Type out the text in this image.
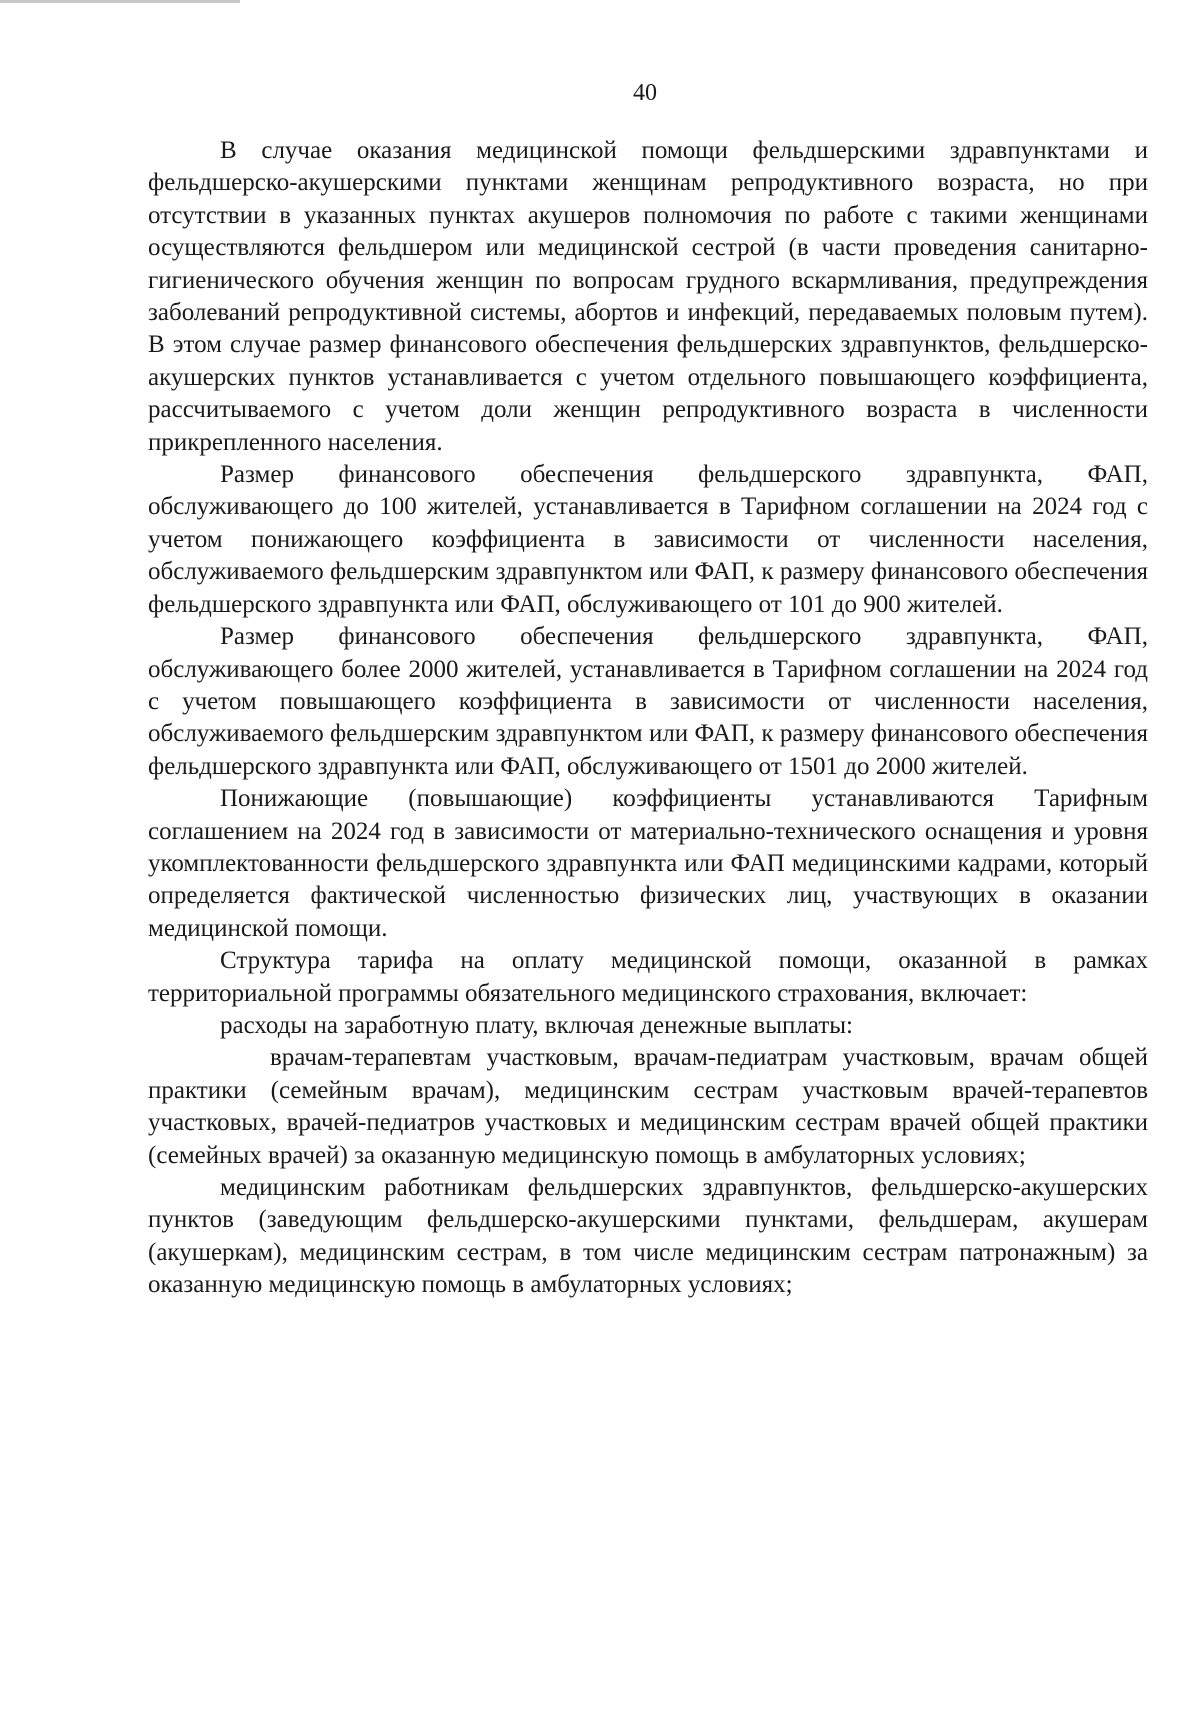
40

В случае оказания медицинской помощи фельдшерскими здравпунктами и фельдшерско-акушерскими пунктами женщинам репродуктивного возраста, но при отсутствии в указанных пунктах акушеров полномочия по работе с такими женщинами осуществляются фельдшером или медицинской сестрой (в части проведения санитарно-гигиенического обучения женщин по вопросам грудного вскармливания, предупреждения заболеваний репродуктивной системы, абортов и инфекций, передаваемых половым путем). В этом случае размер финансового обеспечения фельдшерских здравпунктов, фельдшерско-акушерских пунктов устанавливается с учетом отдельного повышающего коэффициента, рассчитываемого с учетом доли женщин репродуктивного возраста в численности прикрепленного населения.

Размер финансового обеспечения фельдшерского здравпункта, ФАП, обслуживающего до 100 жителей, устанавливается в Тарифном соглашении на 2024 год с учетом понижающего коэффициента в зависимости от численности населения, обслуживаемого фельдшерским здравпунктом или ФАП, к размеру финансового обеспечения фельдшерского здравпункта или ФАП, обслуживающего от 101 до 900 жителей.

Размер финансового обеспечения фельдшерского здравпункта, ФАП, обслуживающего более 2000 жителей, устанавливается в Тарифном соглашении на 2024 год с учетом повышающего коэффициента в зависимости от численности населения, обслуживаемого фельдшерским здравпунктом или ФАП, к размеру финансового обеспечения фельдшерского здравпункта или ФАП, обслуживающего от 1501 до 2000 жителей.

Понижающие (повышающие) коэффициенты устанавливаются Тарифным соглашением на 2024 год в зависимости от материально-технического оснащения и уровня укомплектованности фельдшерского здравпункта или ФАП медицинскими кадрами, который определяется фактической численностью физических лиц, участвующих в оказании медицинской помощи.

Структура тарифа на оплату медицинской помощи, оказанной в рамках территориальной программы обязательного медицинского страхования, включает:

расходы на заработную плату, включая денежные выплаты:

врачам-терапевтам участковым, врачам-педиатрам участковым, врачам общей практики (семейным врачам), медицинским сестрам участковым врачей-терапевтов участковых, врачей-педиатров участковых и медицинским сестрам врачей общей практики (семейных врачей) за оказанную медицинскую помощь в амбулаторных условиях;

медицинским работникам фельдшерских здравпунктов, фельдшерско-акушерских пунктов (заведующим фельдшерско-акушерскими пунктами, фельдшерам, акушерам (акушеркам), медицинским сестрам, в том числе медицинским сестрам патронажным) за оказанную медицинскую помощь в амбулаторных условиях;
